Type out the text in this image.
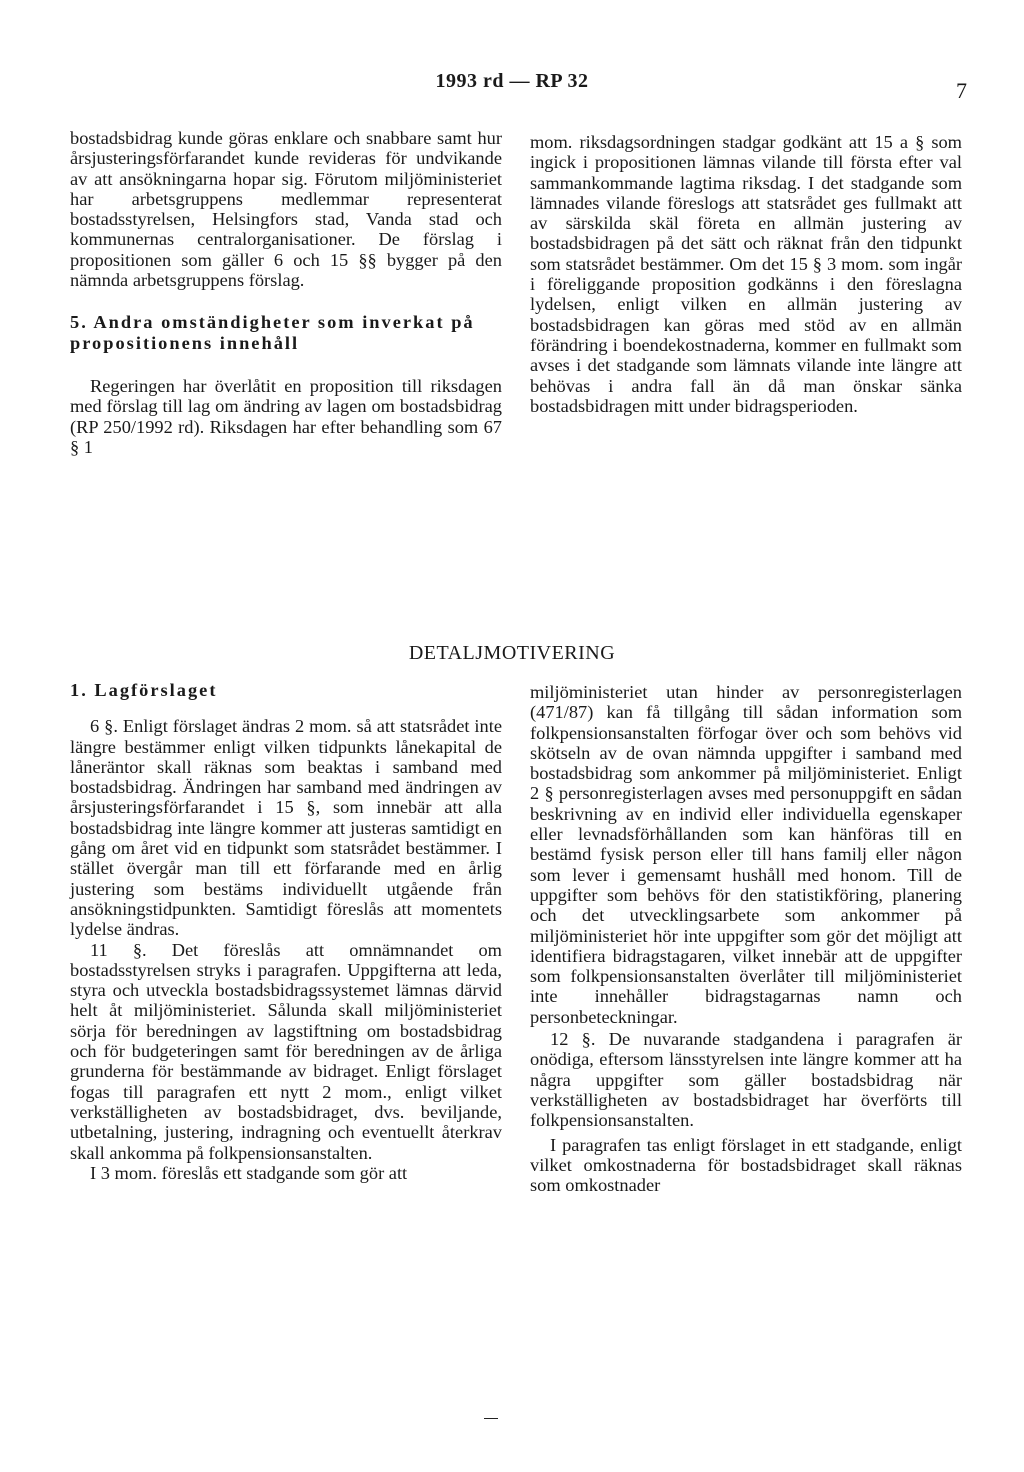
1993 rd — RP 32	7

bostadsbidrag kunde göras enklare och snabbare samt hur årsjusteringsförfarandet kunde revideras för undvikande av att ansökningarna hopar sig. Förutom miljöministeriet har arbetsgruppens medlemmar representerat bostadsstyrelsen, Helsingfors stad, Vanda stad och kommunernas centralorganisationer. De förslag i propositionen som gäller 6 och 15 §§ bygger på den nämnda arbetsgruppens förslag.

5. Andra omständigheter som inverkat på propositionens innehåll

Regeringen har överlåtit en proposition till riksdagen med förslag till lag om ändring av lagen om bostadsbidrag (RP 250/1992 rd). Riksdagen har efter behandling som 67 § 1

mom. riksdagsordningen stadgar godkänt att 15 a § som ingick i propositionen lämnas vilande till första efter val sammankommande lagtima riksdag. I det stadgande som lämnades vilande föreslogs att statsrådet ges fullmakt att av särskilda skäl företa en allmän justering av bostadsbidragen på det sätt och räknat från den tidpunkt som statsrådet bestämmer. Om det 15 § 3 mom. som ingår i föreliggande proposition godkänns i den föreslagna lydelsen, enligt vilken en allmän justering av bostadsbidragen kan göras med stöd av en allmän förändring i boendekostnaderna, kommer en fullmakt som avses i det stadgande som lämnats vilande inte längre att behövas i andra fall än då man önskar sänka bostadsbidragen mitt under bidragsperioden.

DETALJMOTIVERING

1. Lagförslaget

6 §. Enligt förslaget ändras 2 mom. så att statsrådet inte längre bestämmer enligt vilken tidpunkts lånekapital de låneräntor skall räknas som beaktas i samband med bostadsbidrag. Ändringen har samband med ändringen av årsjusteringsförfarandet i 15 §, som innebär att alla bostadsbidrag inte längre kommer att justeras samtidigt en gång om året vid en tidpunkt som statsrådet bestämmer. I stället övergår man till ett förfarande med en årlig justering som bestäms individuellt utgående från ansökningstidpunkten. Samtidigt föreslås att momentets lydelse ändras.

11 §. Det föreslås att omnämnandet om bostadsstyrelsen stryks i paragrafen. Uppgifterna att leda, styra och utveckla bostadsbidragssystemet lämnas därvid helt åt miljöministeriet. Sålunda skall miljöministeriet sörja för beredningen av lagstiftning om bostadsbidrag och för budgeteringen samt för beredningen av de årliga grunderna för bestämmande av bidraget. Enligt förslaget fogas till paragrafen ett nytt 2 mom., enligt vilket verkställigheten av bostadsbidraget, dvs. beviljande, utbetalning, justering, indragning och eventuellt återkrav skall ankomma på folkpensionsanstalten.

I 3 mom. föreslås ett stadgande som gör att

miljöministeriet utan hinder av personregisterlagen (471/87) kan få tillgång till sådan information som folkpensionsanstalten förfogar över och som behövs vid skötseln av de ovan nämnda uppgifter i samband med bostadsbidrag som ankommer på miljöministeriet. Enligt 2 § personregisterlagen avses med personuppgift en sådan beskrivning av en individ eller individuella egenskaper eller levnadsförhållanden som kan hänföras till en bestämd fysisk person eller till hans familj eller någon som lever i gemensamt hushåll med honom. Till de uppgifter som behövs för den statistikföring, planering och det utvecklingsarbete som ankommer på miljöministeriet hör inte uppgifter som gör det möjligt att identifiera bidragstagaren, vilket innebär att de uppgifter som folkpensionsanstalten överlåter till miljöministeriet inte innehåller bidragstagarnas namn och personbeteckningar.

12 §. De nuvarande stadgandena i paragrafen är onödiga, eftersom länsstyrelsen inte längre kommer att ha några uppgifter som gäller bostadsbidrag när verkställigheten av bostadsbidraget har överförts till folkpensionsanstalten.

I paragrafen tas enligt förslaget in ett stadgande, enligt vilket omkostnaderna för bostadsbidraget skall räknas som omkostnader
